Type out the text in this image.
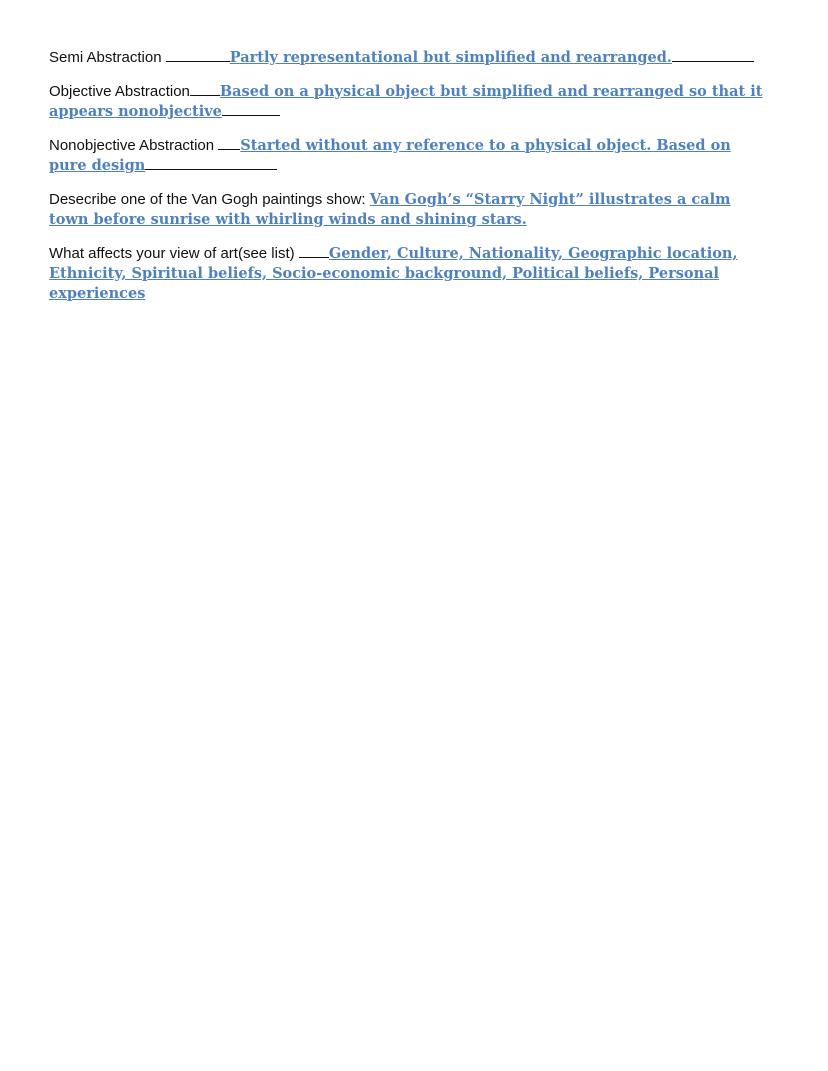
Semi Abstraction	Partly representational but simplified and rearranged.

Objective Abstraction Based on a physical object but simplified and rearranged so that it appears nonobjective

Nonobjective Abstraction Started without any reference to a physical object. Based on pure design

Desecribe one of the Van Gogh paintings show: Van Gogh’s “Starry Night” illustrates a calm town before sunrise with whirling winds and shining stars.

What affects your view of art(see list) Gender, Culture, Nationality, Geographic location, Ethnicity, Spiritual beliefs, Socio-economic background, Political beliefs, Personal experiences
